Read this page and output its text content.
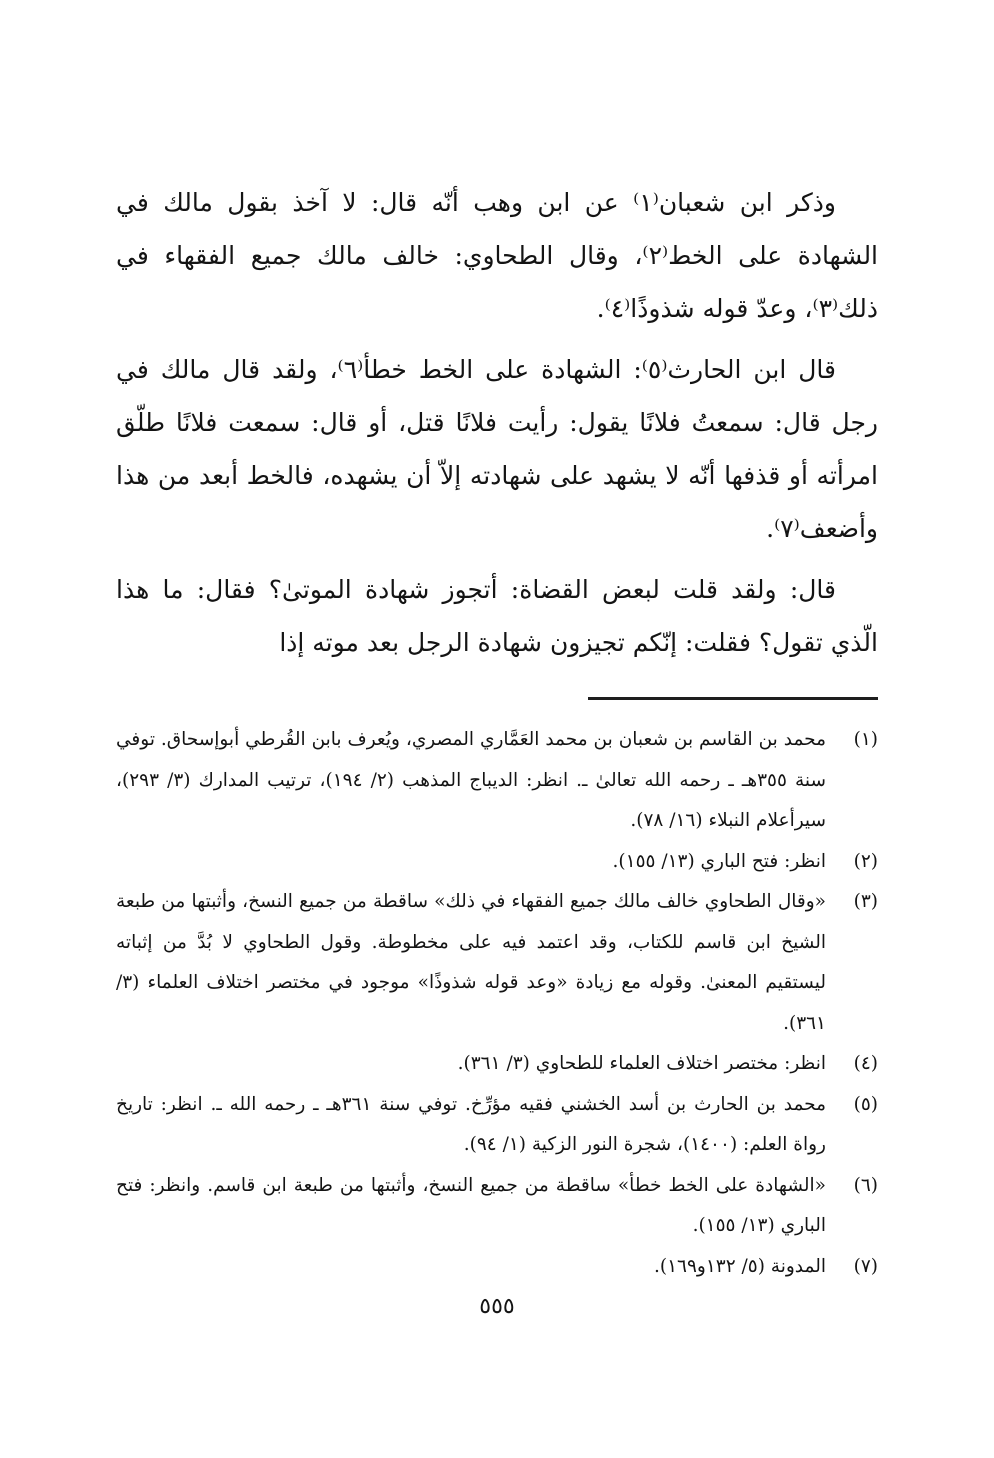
وذكر ابن شعبان⁽١⁾ عن ابن وهب أنّه قال: لا آخذ بقول مالك في الشهادة على الخط⁽٢⁾، وقال الطحاوي: خالف مالك جميع الفقهاء في ذلك⁽٣⁾، وعدّ قوله شذوذًا⁽٤⁾.

قال ابن الحارث⁽٥⁾: الشهادة على الخط خطأ⁽٦⁾، ولقد قال مالك في رجل قال: سمعتُ فلانًا يقول: رأيت فلانًا قتل، أو قال: سمعت فلانًا طلّق امرأته أو قذفها أنّه لا يشهد على شهادته إلاّ أن يشهده، فالخط أبعد من هذا وأضعف⁽٧⁾.

قال: ولقد قلت لبعض القضاة: أتجوز شهادة الموتىٰ؟ فقال: ما هذا الّذي تقول؟ فقلت: إنّكم تجيزون شهادة الرجل بعد موته إذا

(١)
محمد بن القاسم بن شعبان بن محمد العَمَّاري المصري، ويُعرف بابن القُرطي أبوإسحاق. توفي سنة ٣٥٥هـ ـ رحمه الله تعالىٰ ـ. انظر: الديباج المذهب (٢/ ١٩٤)، ترتيب المدارك (٣/ ٢٩٣)، سيرأعلام النبلاء (١٦/ ٧٨).
(٢)
انظر: فتح الباري (١٣/ ١٥٥).
(٣)
«وقال الطحاوي خالف مالك جميع الفقهاء في ذلك» ساقطة من جميع النسخ، وأثبتها من طبعة الشيخ ابن قاسم للكتاب، وقد اعتمد فيه على مخطوطة. وقول الطحاوي لا بُدَّ من إثباته ليستقيم المعنىٰ. وقوله مع زيادة «وعد قوله شذوذًا» موجود في مختصر اختلاف العلماء (٣/ ٣٦١).
(٤)
انظر: مختصر اختلاف العلماء للطحاوي (٣/ ٣٦١).
(٥)
محمد بن الحارث بن أسد الخشني فقيه مؤرِّخ. توفي سنة ٣٦١هـ ـ رحمه الله ـ. انظر: تاريخ رواة العلم: (١٤٠٠)، شجرة النور الزكية (١/ ٩٤).
(٦)
«الشهادة على الخط خطأ» ساقطة من جميع النسخ، وأثبتها من طبعة ابن قاسم. وانظر: فتح الباري (١٣/ ١٥٥).
(٧)
المدونة (٥/ ١٣٢و١٦٩).
٥٥٥
